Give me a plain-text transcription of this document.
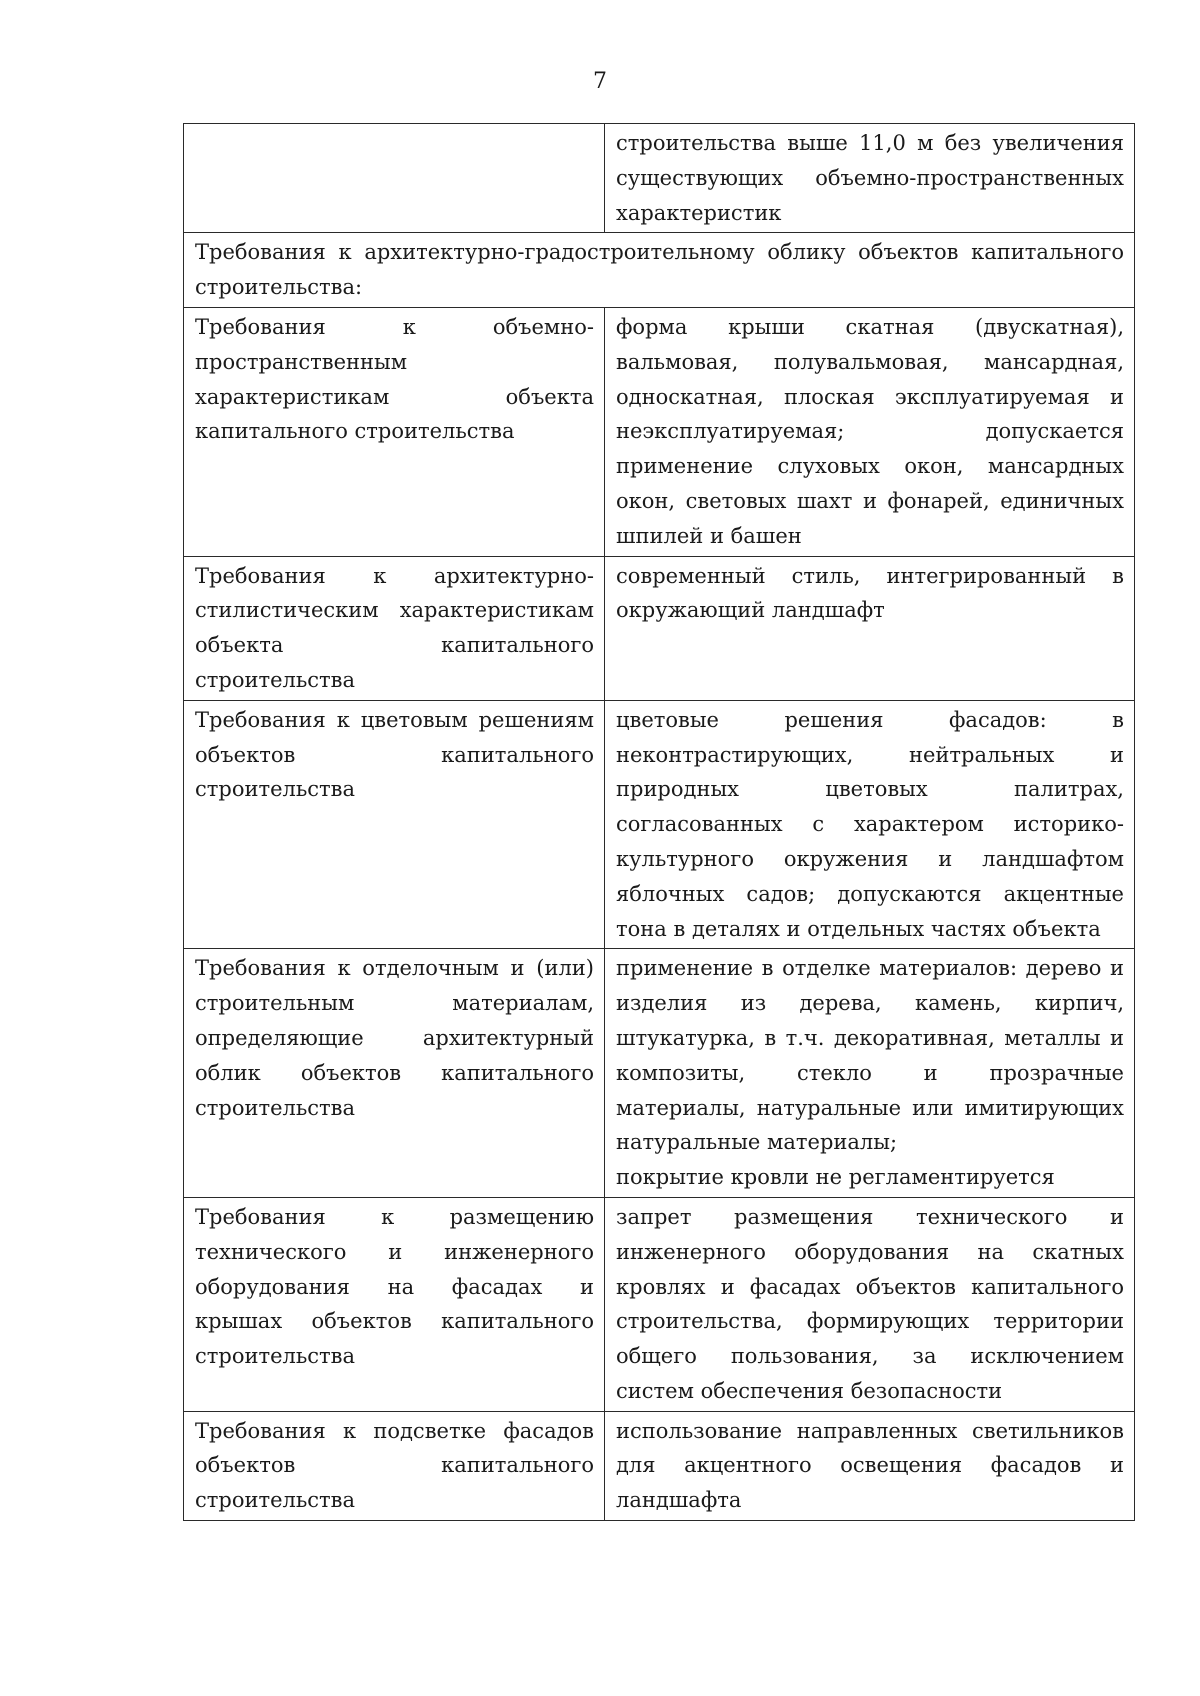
7
	строительства выше 11,0 м без увеличения существующих объемно-пространственных характеристик
Требования к архитектурно-градостроительному облику объектов капитального строительства:	
Требования к объемно-пространственным характеристикам объекта капитального строительства	форма крыши скатная (двускатная), вальмовая, полувальмовая, мансардная, односкатная, плоская эксплуатируемая и неэксплуатируемая; допускается применение слуховых окон, мансардных окон, световых шахт и фонарей, единичных шпилей и башен
Требования к архитектурно-стилистическим характеристикам объекта капитального строительства	современный стиль, интегрированный в окружающий ландшафт
Требования к цветовым решениям объектов капитального строительства	цветовые решения фасадов: в неконтрастирующих, нейтральных и природных цветовых палитрах, согласованных с характером историко-культурного окружения и ландшафтом яблочных садов; допускаются акцентные тона в деталях и отдельных частях объекта
Требования к отделочным и (или) строительным материалам, определяющие архитектурный облик объектов капитального строительства	применение в отделке материалов: дерево и изделия из дерева, камень, кирпич, штукатурка, в т.ч. декоративная, металлы и композиты, стекло и прозрачные материалы, натуральные или имитирующих натуральные материалы;
покрытие кровли не регламентируется

Требования к размещению технического и инженерного оборудования на фасадах и крышах объектов капитального строительства	запрет размещения технического и инженерного оборудования на скатных кровлях и фасадах объектов капитального строительства, формирующих территории общего пользования, за исключением систем обеспечения безопасности
Требования к подсветке фасадов объектов капитального строительства	использование направленных светильников для акцентного освещения фасадов и ландшафта
